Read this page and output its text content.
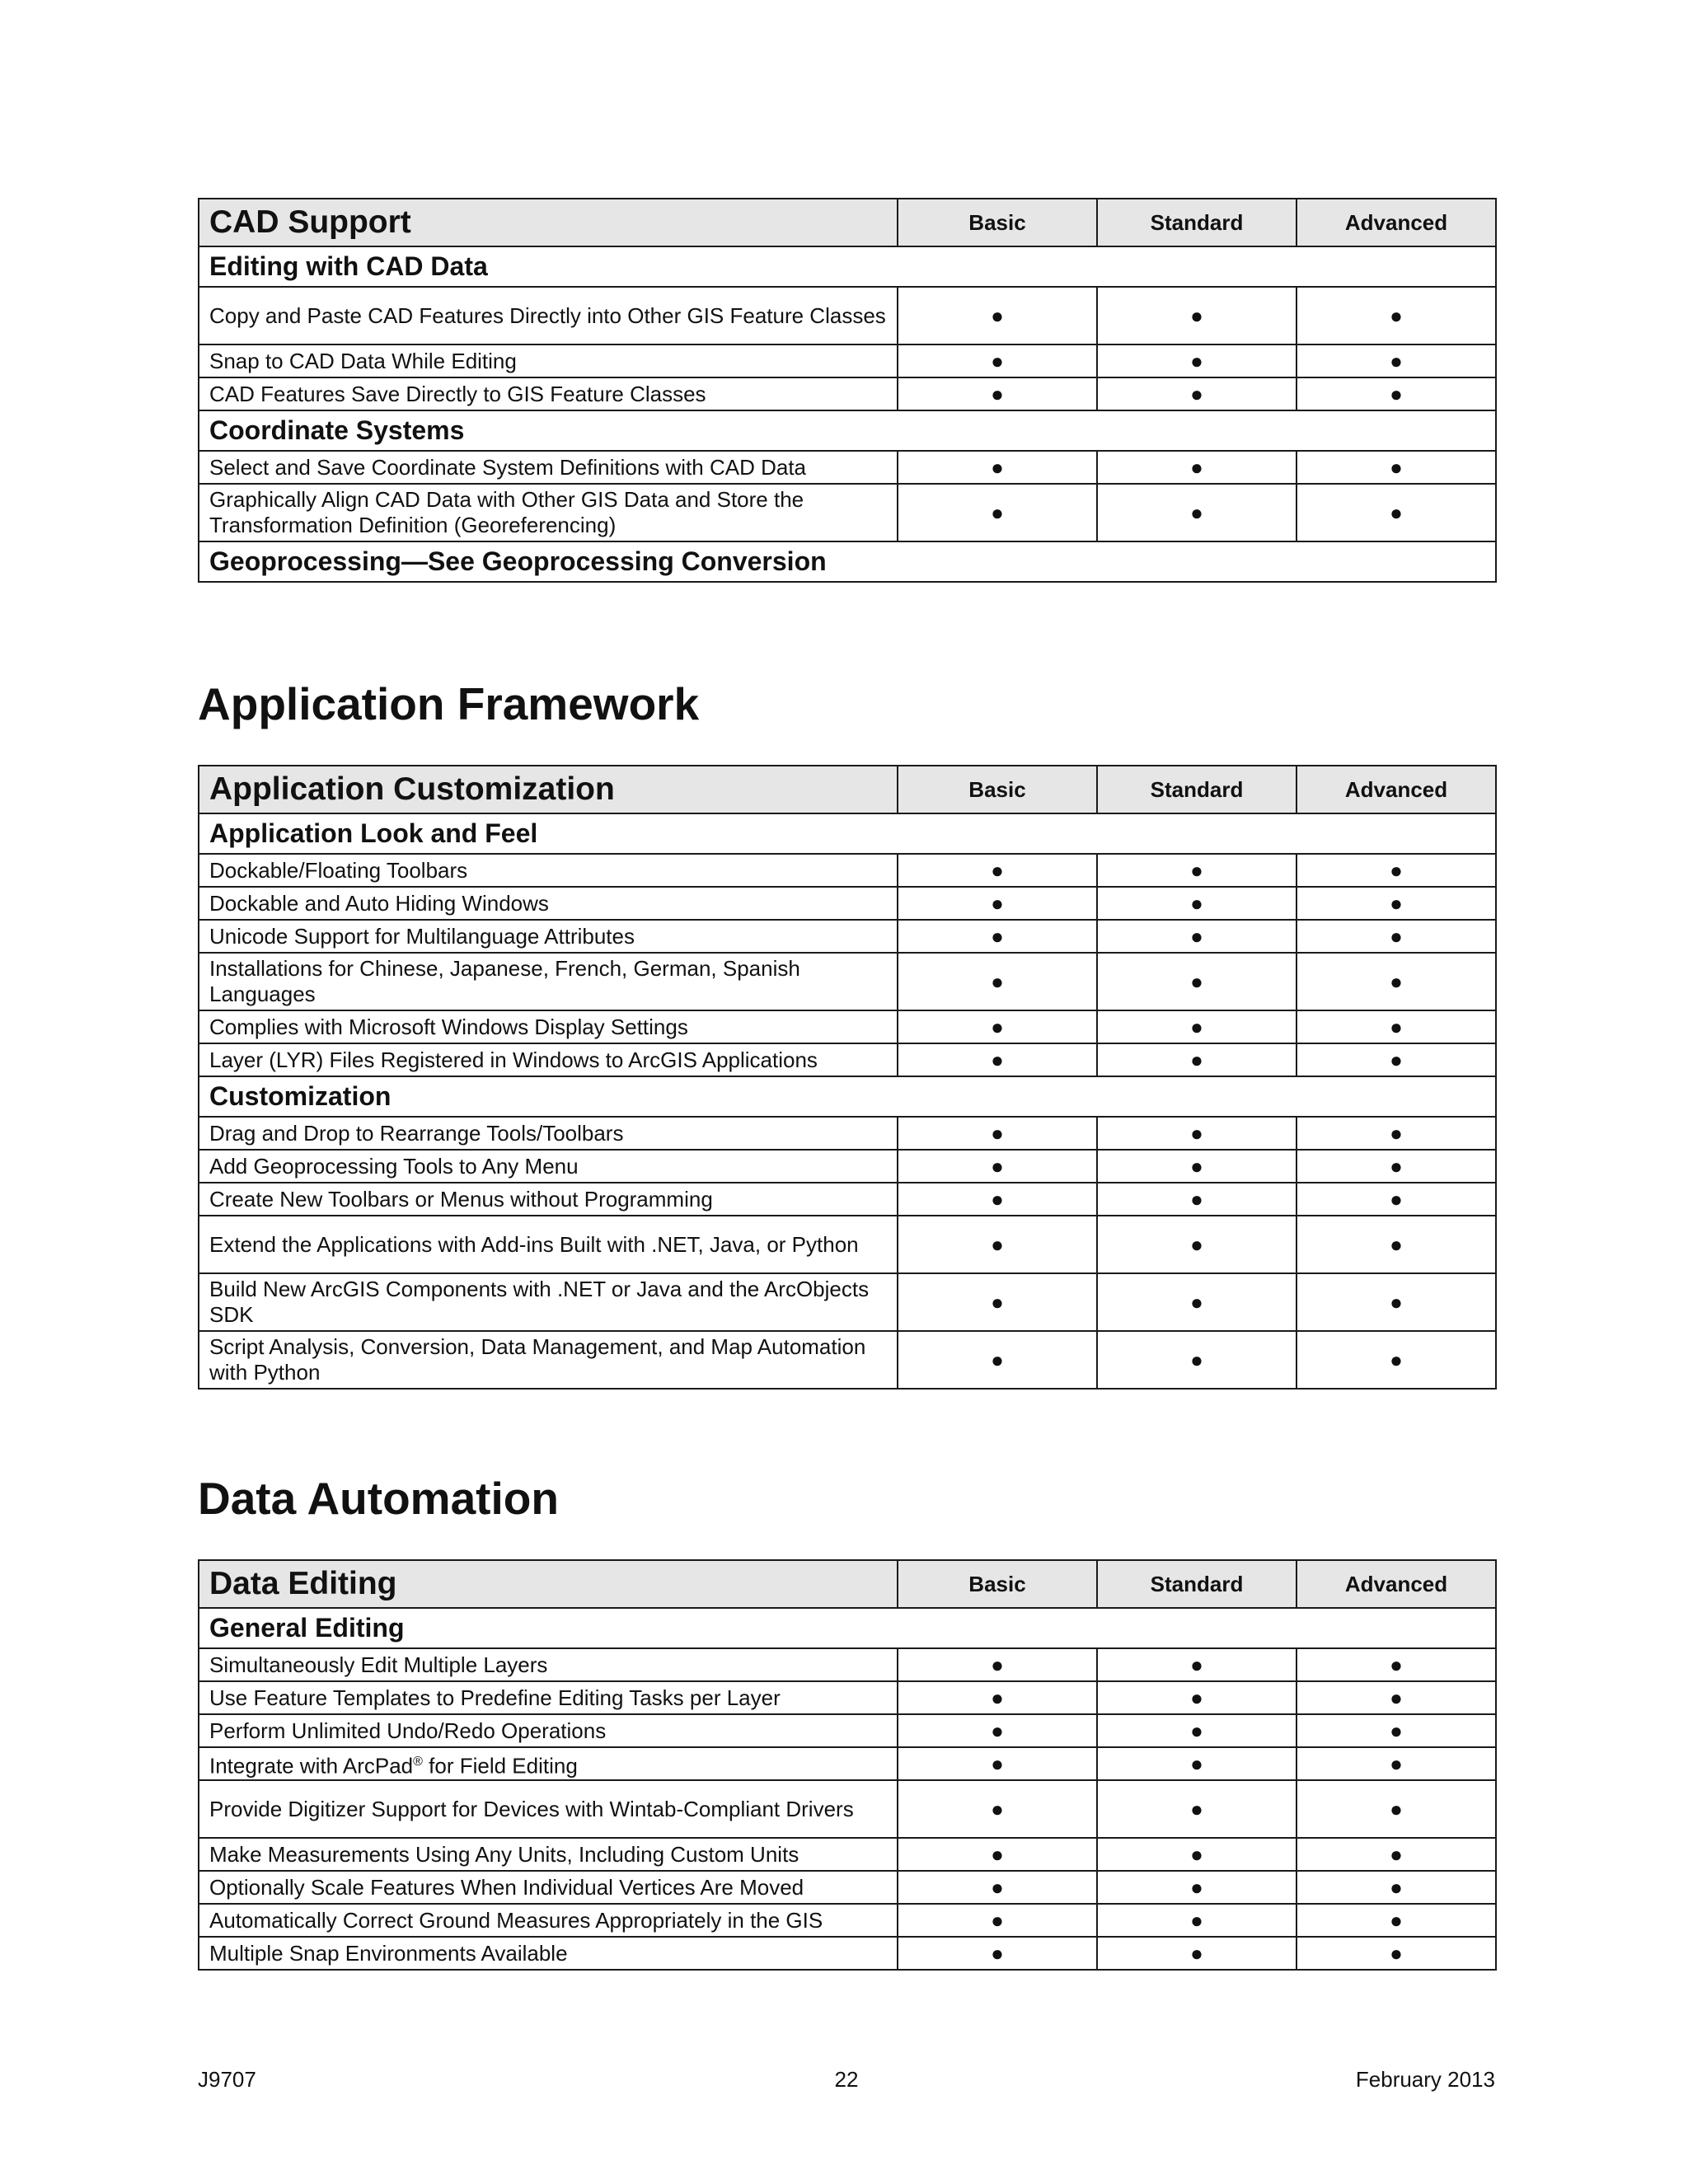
CAD Support	Basic	Standard	Advanced
Editing with CAD Data			
Copy and Paste CAD Features Directly into Other GIS Feature Classes	●	●	●
Snap to CAD Data While Editing	●	●	●
CAD Features Save Directly to GIS Feature Classes	●	●	●
Coordinate Systems			
Select and Save Coordinate System Definitions with CAD Data	●	●	●
Graphically Align CAD Data with Other GIS Data and Store the Transformation Definition (Georeferencing)	●	●	●
Geoprocessing—See Geoprocessing Conversion			
Application Framework
Application Customization	Basic	Standard	Advanced
Application Look and Feel			
Dockable/Floating Toolbars	●	●	●
Dockable and Auto Hiding Windows	●	●	●
Unicode Support for Multilanguage Attributes	●	●	●
Installations for Chinese, Japanese, French, German, Spanish Languages	●	●	●
Complies with Microsoft Windows Display Settings	●	●	●
Layer (LYR) Files Registered in Windows to ArcGIS Applications	●	●	●
Customization			
Drag and Drop to Rearrange Tools/Toolbars	●	●	●
Add Geoprocessing Tools to Any Menu	●	●	●
Create New Toolbars or Menus without Programming	●	●	●
Extend the Applications with Add-ins Built with .NET, Java, or Python	●	●	●
Build New ArcGIS Components with .NET or Java and the ArcObjects SDK	●	●	●
Script Analysis, Conversion, Data Management, and Map Automation with Python	●	●	●
Data Automation
Data Editing	Basic	Standard	Advanced
General Editing			
Simultaneously Edit Multiple Layers	●	●	●
Use Feature Templates to Predefine Editing Tasks per Layer	●	●	●
Perform Unlimited Undo/Redo Operations	●	●	●
Integrate with ArcPad® for Field Editing	●	●	●
Provide Digitizer Support for Devices with Wintab-Compliant Drivers	●	●	●
Make Measurements Using Any Units, Including Custom Units	●	●	●
Optionally Scale Features When Individual Vertices Are Moved	●	●	●
Automatically Correct Ground Measures Appropriately in the GIS	●	●	●
Multiple Snap Environments Available	●	●	●
J9707	22	February 2013
